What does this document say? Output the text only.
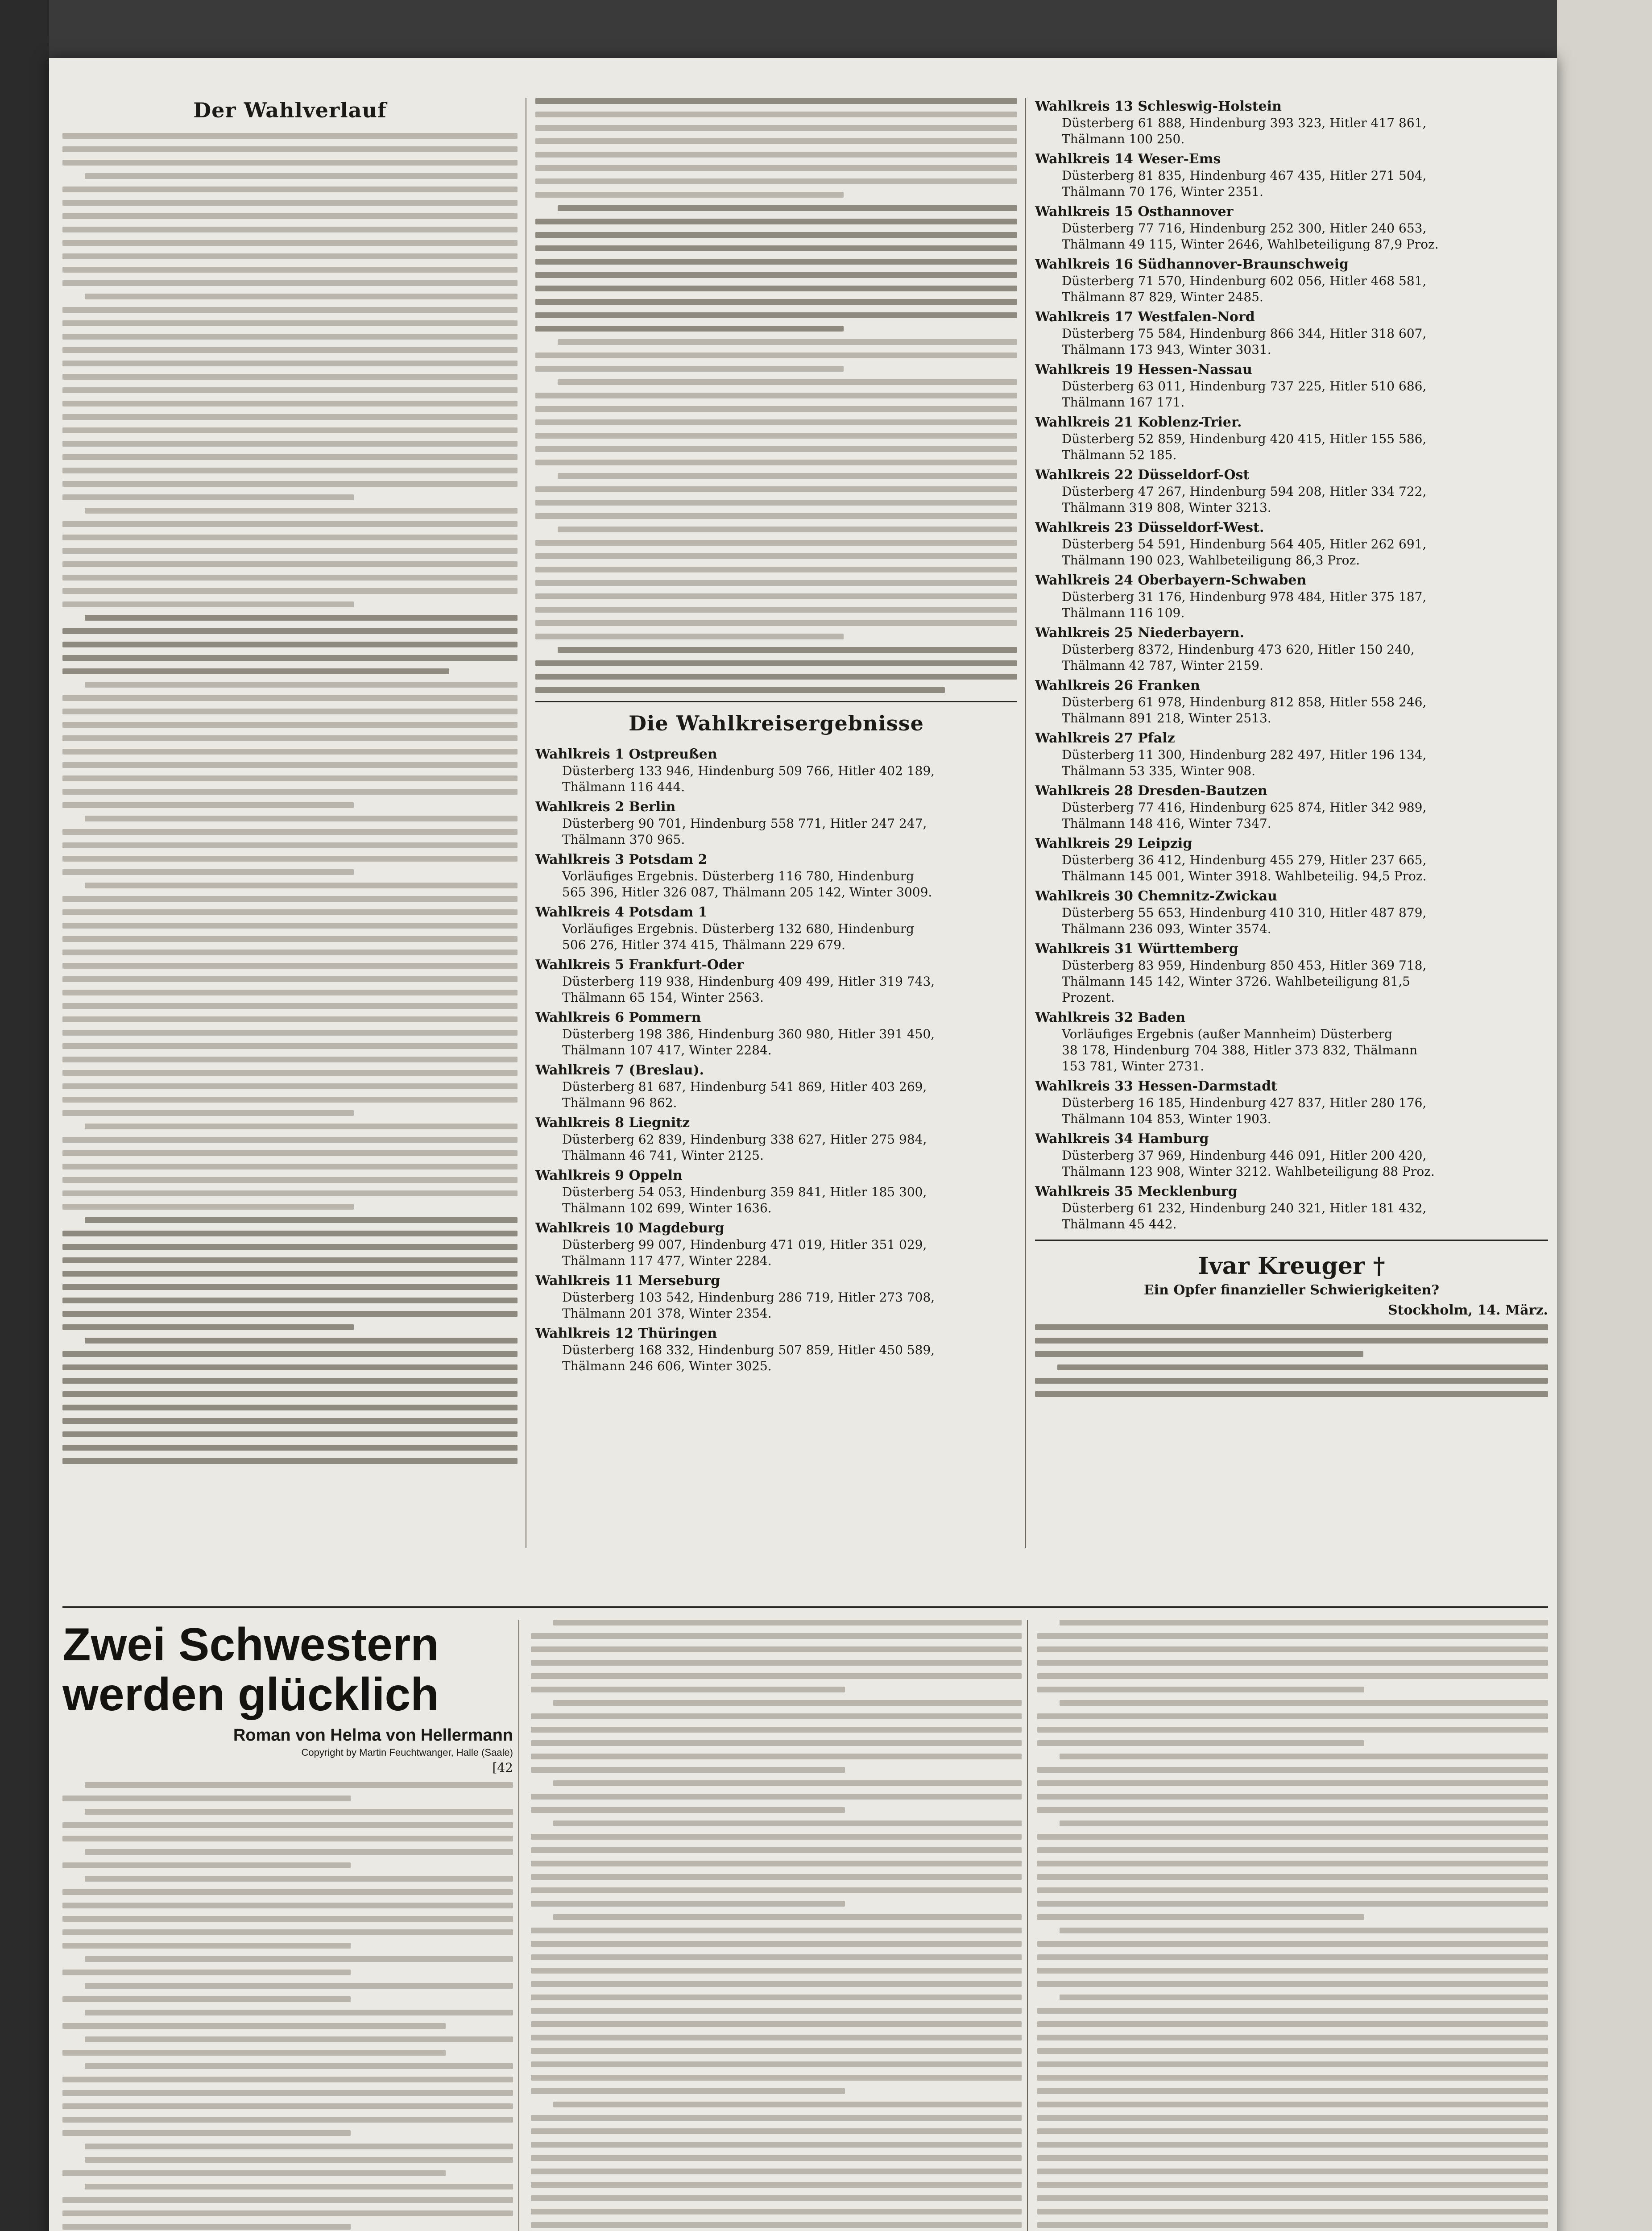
Der Wahlverlauf
Die Wahlkreisergebnisse
Wahlkreis 1 Ostpreußen
Düsterberg 133 946, Hindenburg 509 766, Hitler 402 189,
Thälmann 116 444.
Wahlkreis 2 Berlin
Düsterberg 90 701, Hindenburg 558 771, Hitler 247 247,
Thälmann 370 965.
Wahlkreis 3 Potsdam 2
Vorläufiges Ergebnis. Düsterberg 116 780, Hindenburg
565 396, Hitler 326 087, Thälmann 205 142, Winter 3009.
Wahlkreis 4 Potsdam 1
Vorläufiges Ergebnis. Düsterberg 132 680, Hindenburg
506 276, Hitler 374 415, Thälmann 229 679.
Wahlkreis 5 Frankfurt-Oder
Düsterberg 119 938, Hindenburg 409 499, Hitler 319 743,
Thälmann 65 154, Winter 2563.
Wahlkreis 6 Pommern
Düsterberg 198 386, Hindenburg 360 980, Hitler 391 450,
Thälmann 107 417, Winter 2284.
Wahlkreis 7 (Breslau).
Düsterberg 81 687, Hindenburg 541 869, Hitler 403 269,
Thälmann 96 862.
Wahlkreis 8 Liegnitz
Düsterberg 62 839, Hindenburg 338 627, Hitler 275 984,
Thälmann 46 741, Winter 2125.
Wahlkreis 9 Oppeln
Düsterberg 54 053, Hindenburg 359 841, Hitler 185 300,
Thälmann 102 699, Winter 1636.
Wahlkreis 10 Magdeburg
Düsterberg 99 007, Hindenburg 471 019, Hitler 351 029,
Thälmann 117 477, Winter 2284.
Wahlkreis 11 Merseburg
Düsterberg 103 542, Hindenburg 286 719, Hitler 273 708,
Thälmann 201 378, Winter 2354.
Wahlkreis 12 Thüringen
Düsterberg 168 332, Hindenburg 507 859, Hitler 450 589,
Thälmann 246 606, Winter 3025.
Wahlkreis 13 Schleswig-Holstein
Düsterberg 61 888, Hindenburg 393 323, Hitler 417 861,
Thälmann 100 250.
Wahlkreis 14 Weser-Ems
Düsterberg 81 835, Hindenburg 467 435, Hitler 271 504,
Thälmann 70 176, Winter 2351.
Wahlkreis 15 Osthannover
Düsterberg 77 716, Hindenburg 252 300, Hitler 240 653,
Thälmann 49 115, Winter 2646, Wahlbeteiligung 87,9 Proz.
Wahlkreis 16 Südhannover-Braunschweig
Düsterberg 71 570, Hindenburg 602 056, Hitler 468 581,
Thälmann 87 829, Winter 2485.
Wahlkreis 17 Westfalen-Nord
Düsterberg 75 584, Hindenburg 866 344, Hitler 318 607,
Thälmann 173 943, Winter 3031.
Wahlkreis 19 Hessen-Nassau
Düsterberg 63 011, Hindenburg 737 225, Hitler 510 686,
Thälmann 167 171.
Wahlkreis 21 Koblenz-Trier.
Düsterberg 52 859, Hindenburg 420 415, Hitler 155 586,
Thälmann 52 185.
Wahlkreis 22 Düsseldorf-Ost
Düsterberg 47 267, Hindenburg 594 208, Hitler 334 722,
Thälmann 319 808, Winter 3213.
Wahlkreis 23 Düsseldorf-West.
Düsterberg 54 591, Hindenburg 564 405, Hitler 262 691,
Thälmann 190 023, Wahlbeteiligung 86,3 Proz.
Wahlkreis 24 Oberbayern-Schwaben
Düsterberg 31 176, Hindenburg 978 484, Hitler 375 187,
Thälmann 116 109.
Wahlkreis 25 Niederbayern.
Düsterberg 8372, Hindenburg 473 620, Hitler 150 240,
Thälmann 42 787, Winter 2159.
Wahlkreis 26 Franken
Düsterberg 61 978, Hindenburg 812 858, Hitler 558 246,
Thälmann 891 218, Winter 2513.
Wahlkreis 27 Pfalz
Düsterberg 11 300, Hindenburg 282 497, Hitler 196 134,
Thälmann 53 335, Winter 908.
Wahlkreis 28 Dresden-Bautzen
Düsterberg 77 416, Hindenburg 625 874, Hitler 342 989,
Thälmann 148 416, Winter 7347.
Wahlkreis 29 Leipzig
Düsterberg 36 412, Hindenburg 455 279, Hitler 237 665,
Thälmann 145 001, Winter 3918. Wahlbeteilig. 94,5 Proz.
Wahlkreis 30 Chemnitz-Zwickau
Düsterberg 55 653, Hindenburg 410 310, Hitler 487 879,
Thälmann 236 093, Winter 3574.
Wahlkreis 31 Württemberg
Düsterberg 83 959, Hindenburg 850 453, Hitler 369 718,
Thälmann 145 142, Winter 3726. Wahlbeteiligung 81,5
Prozent.
Wahlkreis 32 Baden
Vorläufiges Ergebnis (außer Mannheim) Düsterberg
38 178, Hindenburg 704 388, Hitler 373 832, Thälmann
153 781, Winter 2731.
Wahlkreis 33 Hessen-Darmstadt
Düsterberg 16 185, Hindenburg 427 837, Hitler 280 176,
Thälmann 104 853, Winter 1903.
Wahlkreis 34 Hamburg
Düsterberg 37 969, Hindenburg 446 091, Hitler 200 420,
Thälmann 123 908, Winter 3212. Wahlbeteiligung 88 Proz.
Wahlkreis 35 Mecklenburg
Düsterberg 61 232, Hindenburg 240 321, Hitler 181 432,
Thälmann 45 442.
Ivar Kreuger †

Ein Opfer finanzieller Schwierigkeiten?

Stockholm, 14. März.

Zwei Schwestern
werden glücklich

Roman von Helma von Hellermann

Copyright by Martin Feuchtwanger, Halle (Saale)

[42
